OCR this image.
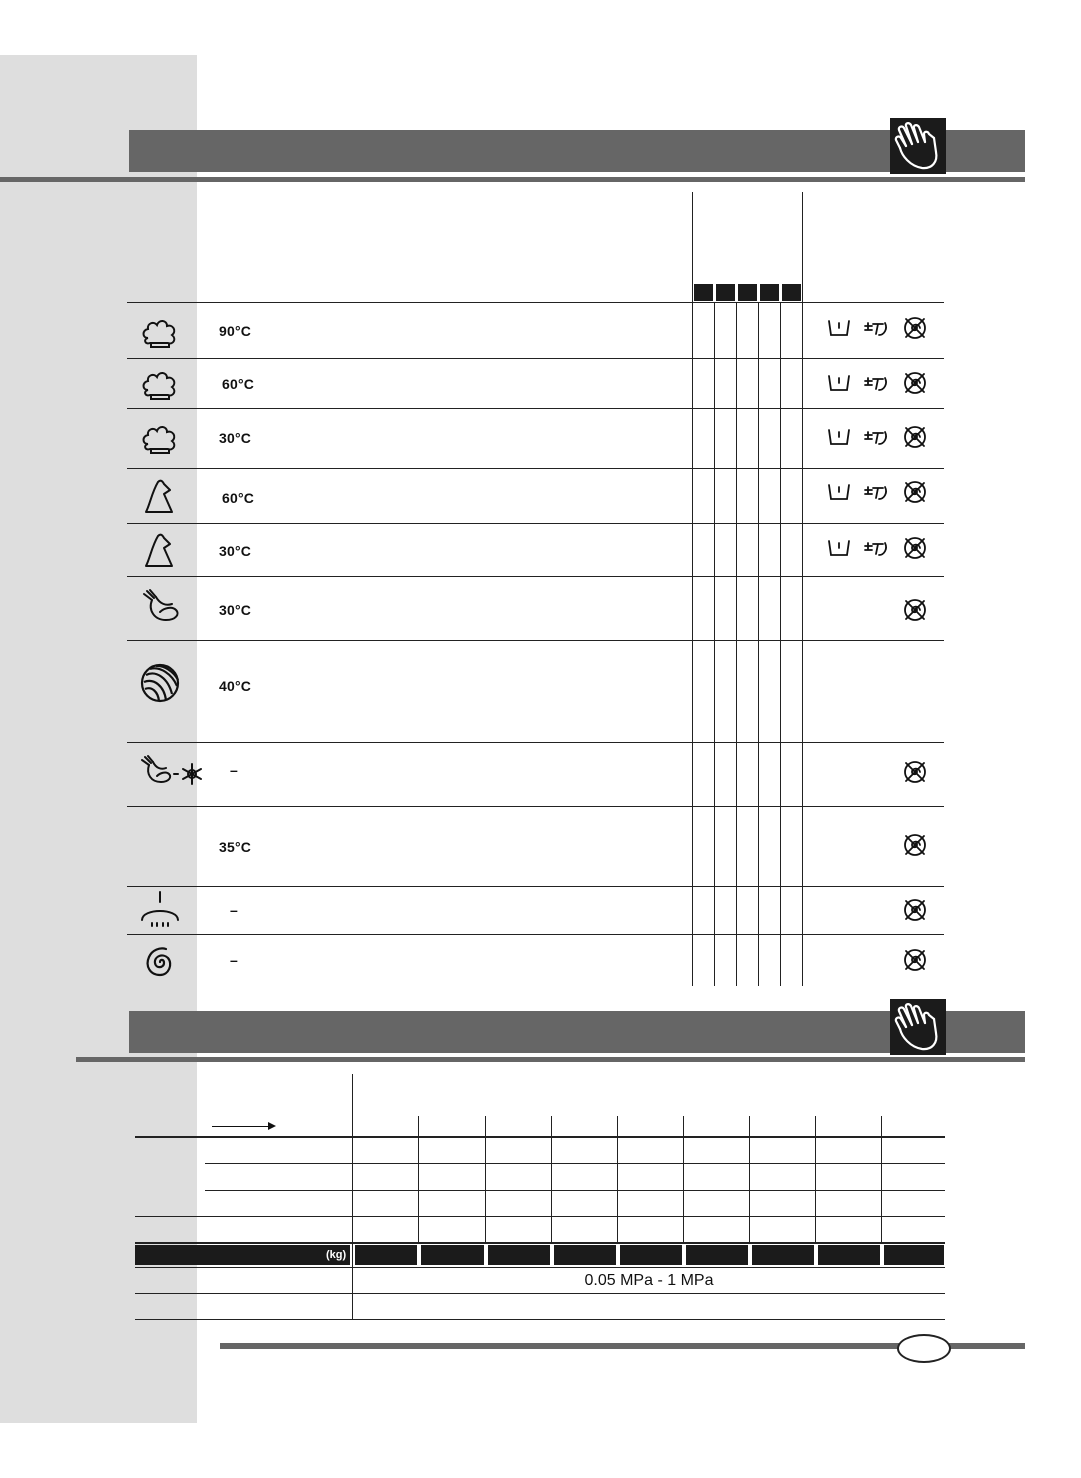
90°C
60°C
30°C
60°C
30°C
30°C
40°C
–
35°C
–
–
(kg)
0.05 MPa - 1 MPa
